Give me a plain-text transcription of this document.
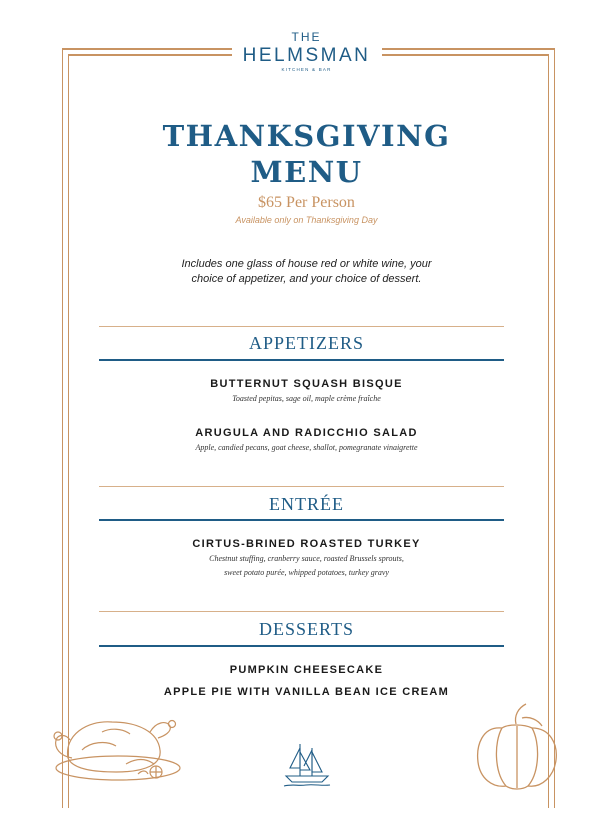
THE
HELMSMAN
KITCHEN & BAR
THANKSGIVING
MENU
$65 Per Person
Available only on Thanksgiving Day
Includes one glass of house red or white wine, your
choice of appetizer, and your choice of dessert.
APPETIZERS
BUTTERNUT SQUASH BISQUE
Toasted pepitas, sage oil, maple crème fraîche
ARUGULA AND RADICCHIO SALAD
Apple, candied pecans, goat cheese, shallot, pomegranate vinaigrette
ENTRÉE
CIRTUS-BRINED ROASTED TURKEY
Chestnut stuffing, cranberry sauce, roasted Brussels sprouts,
sweet potato purée, whipped potatoes, turkey gravy
DESSERTS
PUMPKIN CHEESECAKE
APPLE PIE WITH VANILLA BEAN ICE CREAM
